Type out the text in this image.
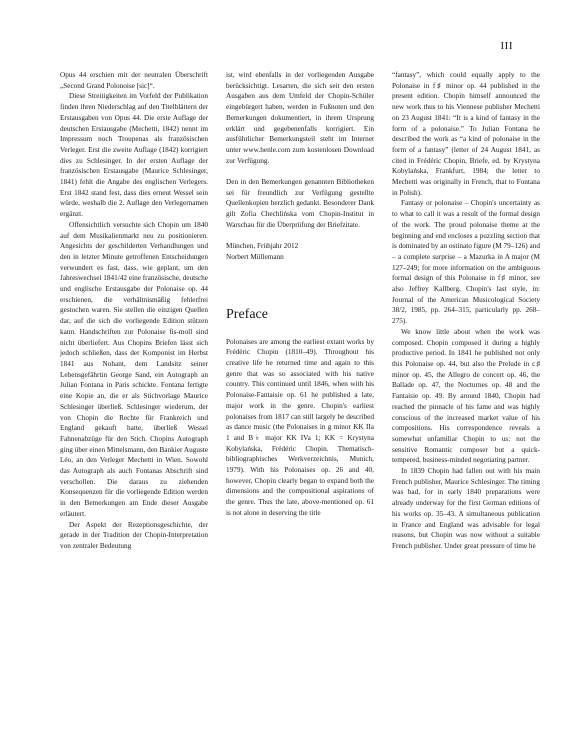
III

Opus 44 erschien mit der neutralen Überschrift „Second Grand Polonoise [sic]“.

Diese Streitigkeiten im Vorfeld der Publikation finden ihren Niederschlag auf den Titelblättern der Erstausgaben von Opus 44. Die erste Auflage der deutschen Erstausgabe (Mechetti, 1842) nennt im Impressum noch Troupenas als französischen Verleger. Erst die zweite Auflage (1842) korrigiert dies zu Schlesinger. In der ersten Auflage der französischen Erstausgabe (Maurice Schlesinger, 1841) fehlt die Angabe des englischen Verlegers. Erst 1842 stand fest, dass dies erneut Wessel sein würde, weshalb die 2. Auflage den Verlegernamen ergänzt.

Offensichtlich versuchte sich Chopin um 1840 auf dem Musikalienmarkt neu zu positionieren. Angesichts der geschilderten Verhandlungen und den in letzter Minute getroffenen Entscheidungen verwundert es fast, dass, wie geplant, um den Jahreswechsel 1841/42 eine französische, deutsche und englische Erstausgabe der Polonaise op. 44 erschienen, die verhältnismäßig fehlerfrei gestochen waren. Sie stellen die einzigen Quellen dar, auf die sich die vorliegende Edition stützen kann. Handschriften zur Polonaise fis-moll sind nicht überliefert. Aus Chopins Briefen lässt sich jedoch schließen, dass der Komponist im Herbst 1841 aus Nohant, dem Landsitz seiner Lebensgefährtin George Sand, ein Autograph an Julian Fontana in Paris schickte. Fontana fertigte eine Kopie an, die er als Stichvorlage Maurice Schlesinger überließ. Schlesinger wiederum, der von Chopin die Rechte für Frankreich und England gekauft hatte, überließ Wessel Fahnenabzüge für den Stich. Chopins Autograph ging über einen Mittelsmann, den Bankier Auguste Léo, an den Verleger Mechetti in Wien. Sowohl das Autograph als auch Fontanas Abschrift sind verschollen. Die daraus zu ziehenden Konsequenzen für die vorliegende Edition werden in den Bemerkungen am Ende dieser Ausgabe erläutert.

Der Aspekt der Rezeptionsgeschichte, der gerade in der Tradition der Chopin-Interpretation von zentraler Bedeutung

ist, wird ebenfalls in der vorliegenden Ausgabe berücksichtigt. Lesarten, die sich seit den ersten Ausgaben aus dem Umfeld der Chopin-Schüler eingebürgert haben, werden in Fußnoten und den Bemerkungen dokumentiert, in ihrem Ursprung erklärt und gegebenenfalls korrigiert. Ein ausführlicher Bemerkungsteil steht im Internet unter www.henle.com zum kostenlosen Download zur Verfügung.

Den in den Bemerkungen genannten Bibliotheken sei für freundlich zur Verfügung gestellte Quellenkopien herzlich gedankt. Besonderer Dank gilt Zofia Chechlińska vom Chopin-Institut in Warschau für die Überprüfung der Briefzitate.

München, Frühjahr 2012

Norbert Müllemann

Preface

Polonaises are among the earliest extant works by Frédéric Chopin (1810–49). Throughout his creative life he returned time and again to this genre that was so associated with his native country. This continued until 1846, when with his Polonaise-Fantaisie op. 61 he published a late, major work in the genre. Chopin's earliest polonaises from 1817 can still largely be described as dance music (the Polonaises in g minor KK IIa 1 and B♭ major KK IVa 1; KK = Krystyna Kobylańska, Frédéric Chopin. Thematisch-bibliographisches Werkverzeichnis, Munich, 1979). With his Polonaises op. 26 and 40, however, Chopin clearly began to expand both the dimensions and the compositional aspirations of the genre. Thus the late, above-mentioned op. 61 is not alone in deserving the title

“fantasy”, which could equally apply to the Polonaise in f♯ minor op. 44 published in the present edition. Chopin himself announced the new work thus to his Viennese publisher Mechetti on 23 August 1841: “It is a kind of fantasy in the form of a polonaise.” To Julian Fontana he described the work as “a kind of polonaise in the form of a fantasy” (letter of 24 August 1841, as cited in Frédéric Chopin, Briefe, ed. by Krystyna Kobylańska, Frankfurt, 1984; the letter to Mechetti was originally in French, that to Fontana in Polish).

Fantasy or polonaise – Chopin's uncertainty as to what to call it was a result of the formal design of the work. The proud polonaise theme at the beginning and end encloses a puzzling section that is dominated by an ostinato figure (M 79–126) and – a complete surprise – a Mazurka in A major (M 127–249; for more information on the ambiguous formal design of this Polonaise in f♯ minor, see also Jeffrey Kallberg, Chopin's last style, in: Journal of the American Musicological Society 38/2, 1985, pp. 264–315, particularly pp. 268–275).

We know little about when the work was composed. Chopin composed it during a highly productive period. In 1841 he published not only this Polonaise op. 44, but also the Prelude in c♯ minor op. 45, the Allegro de concert op. 46, the Ballade op. 47, the Nocturnes op. 48 and the Fantaisie op. 49. By around 1840, Chopin had reached the pinnacle of his fame and was highly conscious of the increased market value of his compositions. His correspondence reveals a somewhat unfamiliar Chopin to us: not the sensitive Romantic composer but a quick-tempered, business-minded negotiating partner.

In 1839 Chopin had fallen out with his main French publisher, Maurice Schlesinger. The timing was bad, for in early 1840 preparations were already underway for the first German editions of his works op. 35–43. A simultaneous publication in France and England was advisable for legal reasons, but Chopin was now without a suitable French publisher. Under great pressure of time he
